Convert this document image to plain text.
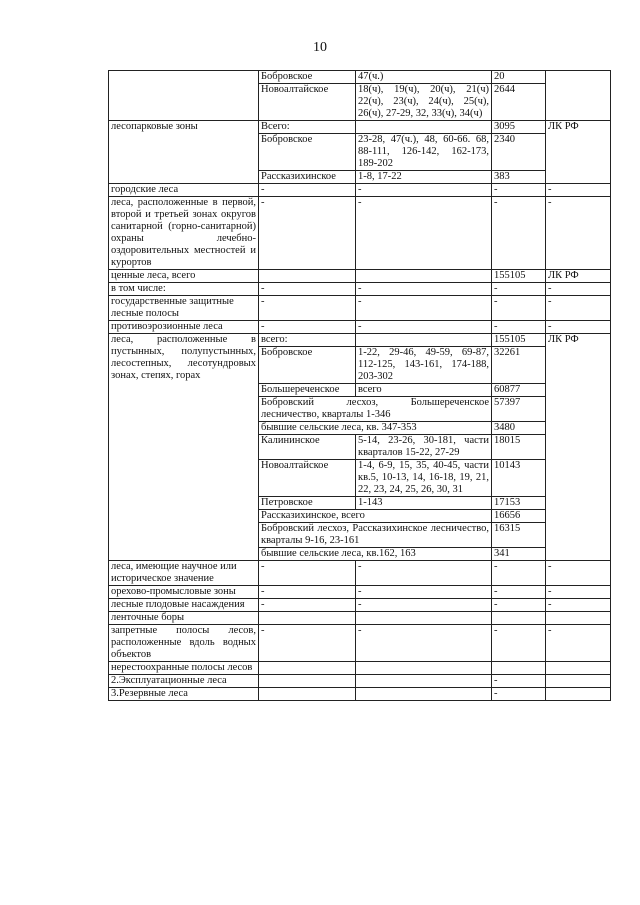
10
	Бобровское	47(ч.)	20	
	Новоалтайское	18(ч), 19(ч), 20(ч), 21(ч) 22(ч), 23(ч), 24(ч), 25(ч), 26(ч), 27-29, 32, 33(ч), 34(ч)	2644	
лесопарковые зоны	Всего:		3095	ЛК РФ
	Бобровское	23-28, 47(ч.), 48, 60-66. 68, 88-111, 126-142, 162-173, 189-202	2340	
	Рассказихинское	1-8, 17-22	383	
городские леса	-	-	-	-
леса, расположенные в первой, второй и третьей зонах округов санитарной (горно-санитарной) охраны лечебно-оздоровительных местностей и курортов	-	-	-	-
ценные леса, всего			155105	ЛК РФ
в том числе:	-	-	-	-
государственные защитные лесные полосы	-	-	-	-
противоэрозионные леса	-	-	-	-
леса, расположенные в пустынных, полупустынных, лесостепных, лесотундровых зонах, степях, горах	всего:		155105	ЛК РФ
	Бобровское	1-22, 29-46, 49-59, 69-87, 112-125, 143-161, 174-188, 203-302	32261	
	Большереченское	всего	60877	
	Бобровский лесхоз, Большереченское лесничество, кварталы 1-346		57397	
	бывшие сельские леса, кв. 347-353		3480	
	Калининское	5-14, 23-26, 30-181, части кварталов 15-22, 27-29	18015	
	Новоалтайское	1-4, 6-9, 15, 35, 40-45, части кв.5, 10-13, 14, 16-18, 19, 21, 22, 23, 24, 25, 26, 30, 31	10143	
	Петровское	1-143	17153	
	Рассказихинское, всего		16656	
	Бобровский лесхоз, Рассказихинское лесничество, кварталы 9-16, 23-161		16315	
	бывшие сельские леса, кв.162, 163		341	
леса, имеющие научное или историческое значение	-	-	-	-
орехово-промысловые зоны	-	-	-	-
лесные плодовые насаждения	-	-	-	-
ленточные боры				
запретные полосы лесов, расположенные вдоль водных объектов	-	-	-	-
нерестоохранные полосы лесов				
2.Эксплуатационные леса			-	
3.Резервные леса			-	
